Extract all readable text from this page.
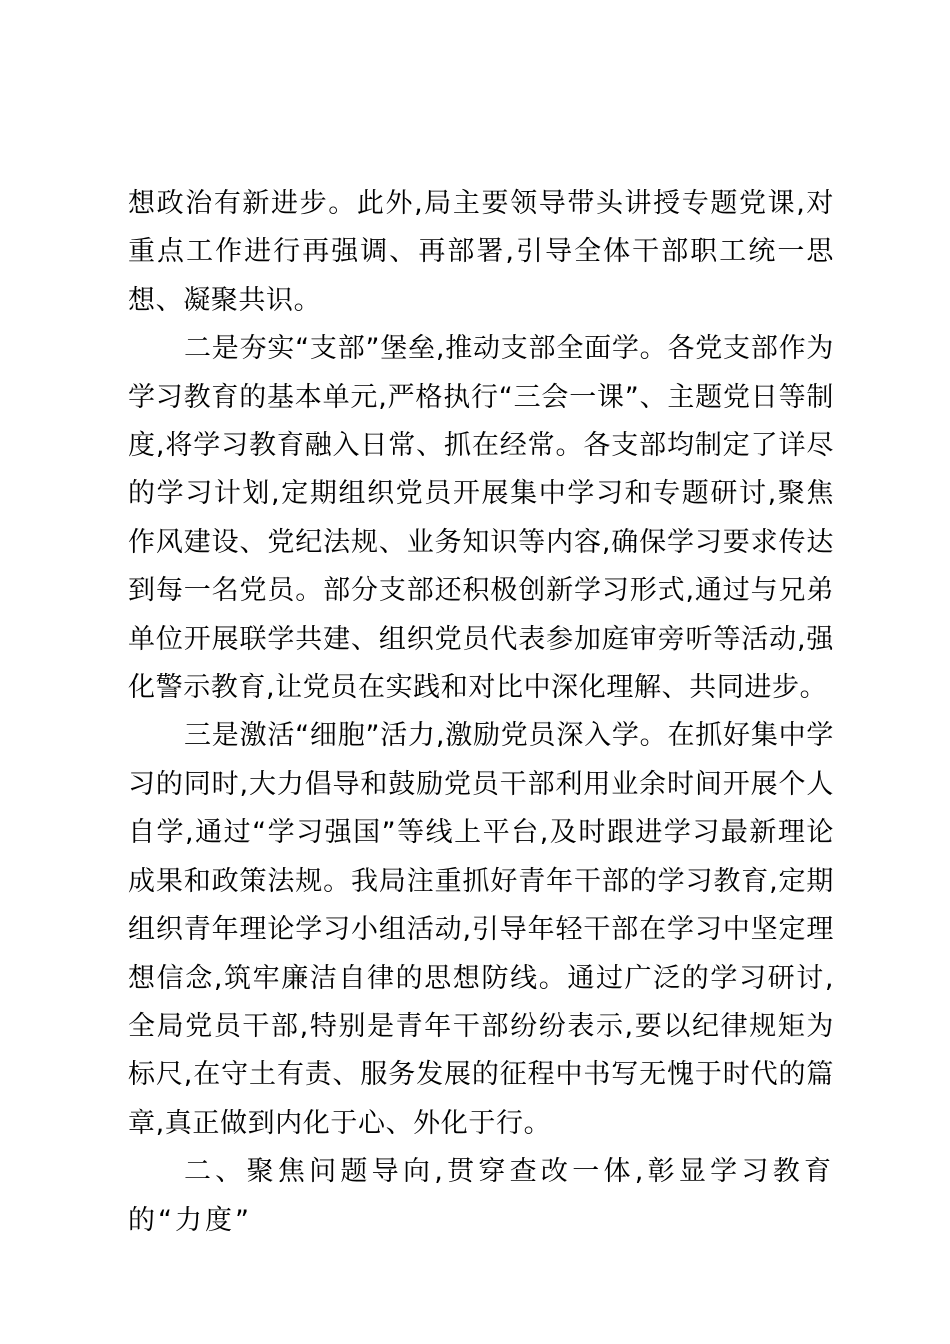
想政治有新进步。此外,局主要领导带头讲授专题党课,对重点工作进行再强调、再部署,引导全体干部职工统一思想、凝聚共识。

二是夯实“支部”堡垒,推动支部全面学。各党支部作为学习教育的基本单元,严格执行“三会一课”、主题党日等制度,将学习教育融入日常、抓在经常。各支部均制定了详尽的学习计划,定期组织党员开展集中学习和专题研讨,聚焦作风建设、党纪法规、业务知识等内容,确保学习要求传达到每一名党员。部分支部还积极创新学习形式,通过与兄弟单位开展联学共建、组织党员代表参加庭审旁听等活动,强化警示教育,让党员在实践和对比中深化理解、共同进步。

三是激活“细胞”活力,激励党员深入学。在抓好集中学习的同时,大力倡导和鼓励党员干部利用业余时间开展个人自学,通过“学习强国”等线上平台,及时跟进学习最新理论成果和政策法规。我局注重抓好青年干部的学习教育,定期组织青年理论学习小组活动,引导年轻干部在学习中坚定理想信念,筑牢廉洁自律的思想防线。通过广泛的学习研讨,全局党员干部,特别是青年干部纷纷表示,要以纪律规矩为标尺,在守土有责、服务发展的征程中书写无愧于时代的篇章,真正做到内化于心、外化于行。

二、聚焦问题导向,贯穿查改一体,彰显学习教育的“力度”
